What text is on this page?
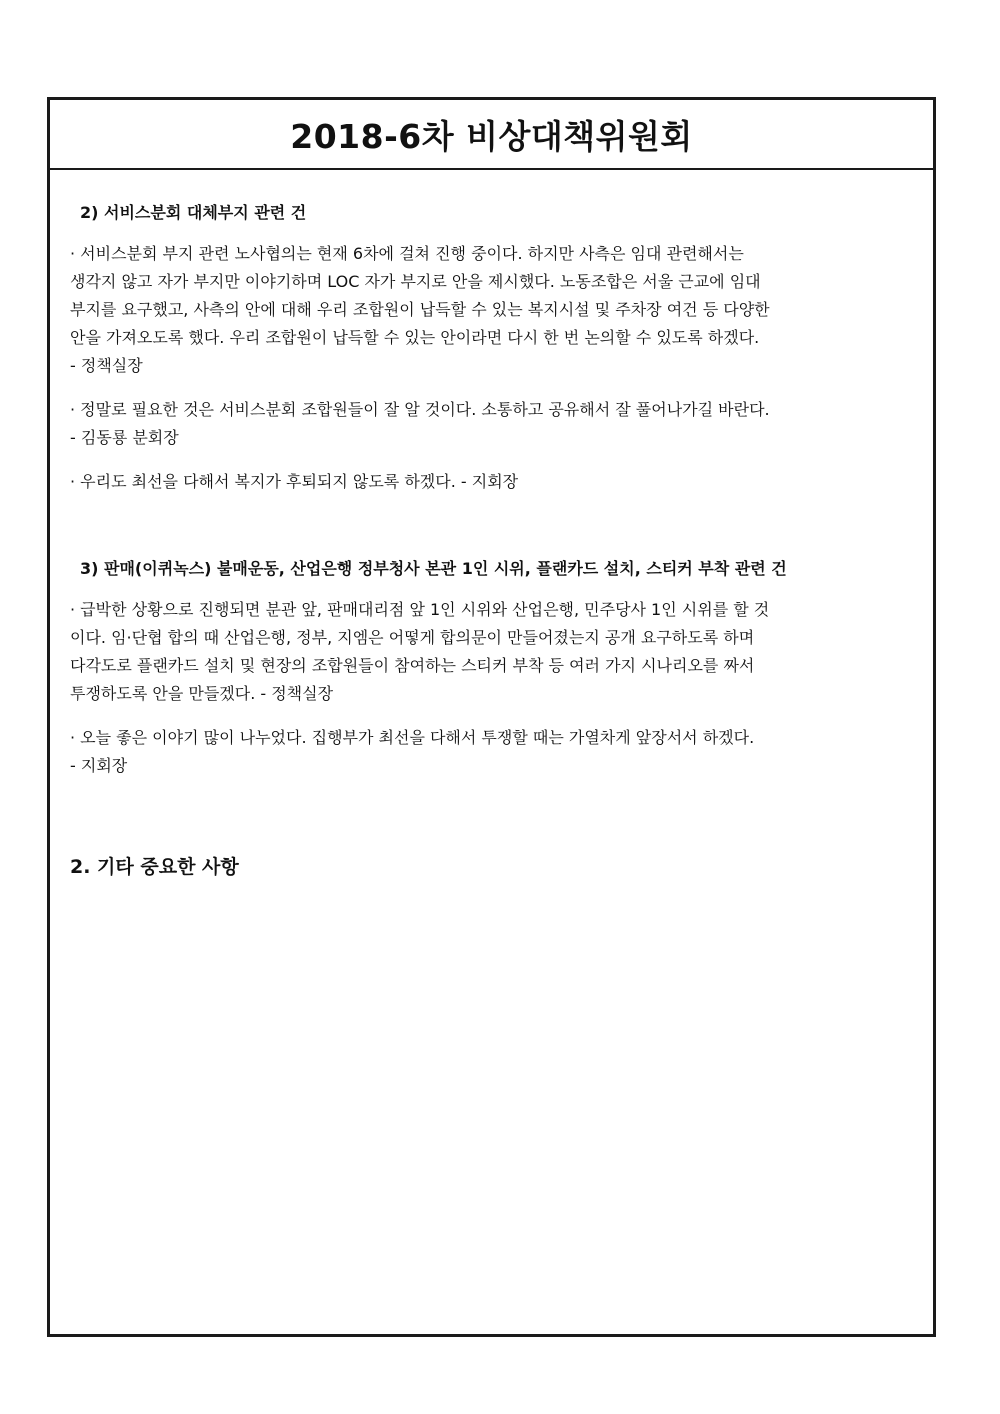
2018-6차 비상대책위원회
2) 서비스분회 대체부지 관련 건

· 서비스분회 부지 관련 노사협의는 현재 6차에 걸쳐 진행 중이다. 하지만 사측은 임대 관련해서는
생각지 않고 자가 부지만 이야기하며 LOC 자가 부지로 안을 제시했다. 노동조합은 서울 근교에 임대
부지를 요구했고, 사측의 안에 대해 우리 조합원이 납득할 수 있는 복지시설 및 주차장 여건 등 다양한
안을 가져오도록 했다. 우리 조합원이 납득할 수 있는 안이라면 다시 한 번 논의할 수 있도록 하겠다.
- 정책실장

· 정말로 필요한 것은 서비스분회 조합원들이 잘 알 것이다. 소통하고 공유해서 잘 풀어나가길 바란다.
- 김동룡 분회장

· 우리도 최선을 다해서 복지가 후퇴되지 않도록 하겠다. - 지회장

3) 판매(이퀴녹스) 불매운동, 산업은행 정부청사 본관 1인 시위, 플랜카드 설치, 스티커 부착 관련 건

· 급박한 상황으로 진행되면 분관 앞, 판매대리점 앞 1인 시위와 산업은행, 민주당사 1인 시위를 할 것
이다. 임·단협 합의 때 산업은행, 정부, 지엠은 어떻게 합의문이 만들어졌는지 공개 요구하도록 하며
다각도로 플랜카드 설치 및 현장의 조합원들이 참여하는 스티커 부착 등 여러 가지 시나리오를 짜서
투쟁하도록 안을 만들겠다. - 정책실장

· 오늘 좋은 이야기 많이 나누었다. 집행부가 최선을 다해서 투쟁할 때는 가열차게 앞장서서 하겠다.
- 지회장

2. 기타 중요한 사항
